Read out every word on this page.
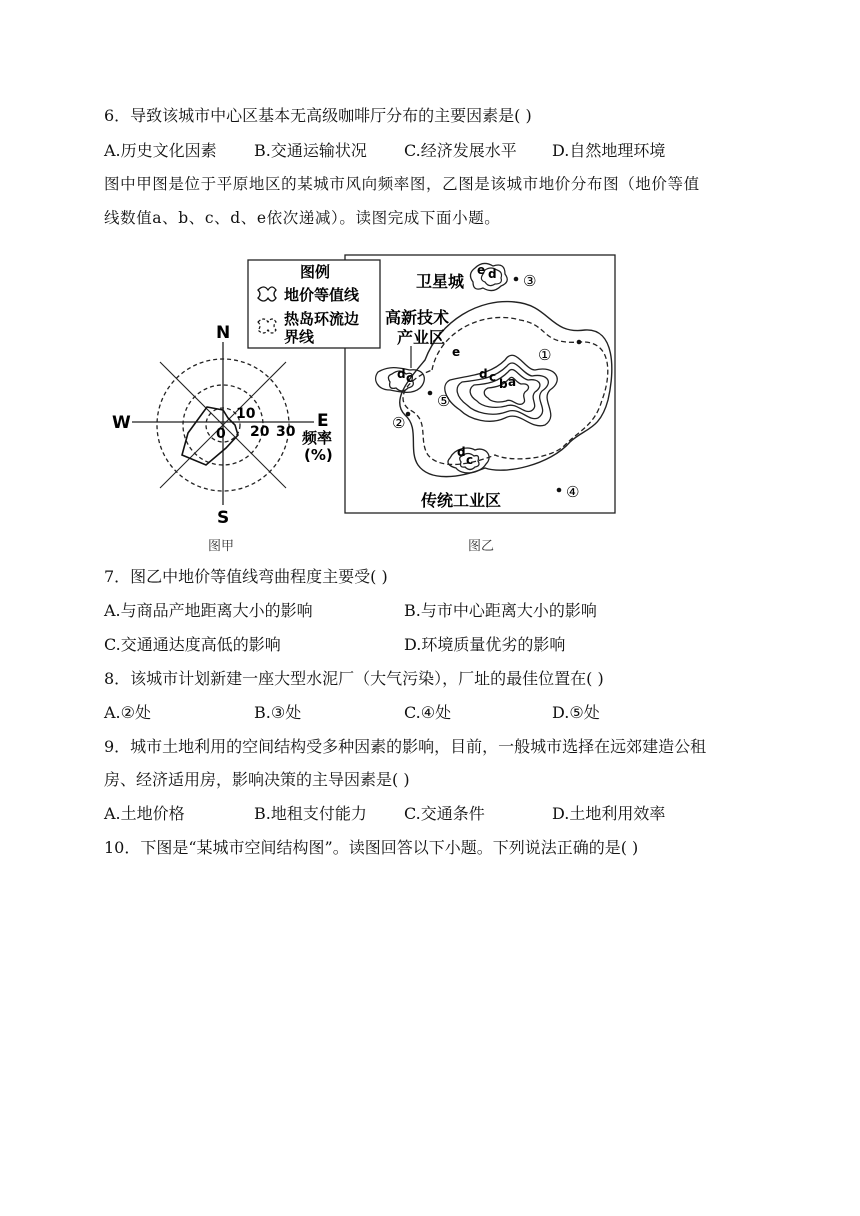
6．导致该城市中心区基本无高级咖啡厅分布的主要因素是( )
A.历史文化因素 B.交通运输状况 C.经济发展水平 D.自然地理环境
图中甲图是位于平原地区的某城市风向频率图，乙图是该城市地价分布图（地价等值
线数值a、b、c、d、e依次递减）。读图完成下面小题。
N
S
W	E
0
10
20 30 频率
(%)
图例
地价等值线
热岛环流边
界线
d c
d
c
e d
d c b a
e
卫星城
高新技术
产业区
传统工业区
①
②
③
④
⑤
图甲	图乙
7．图乙中地价等值线弯曲程度主要受( )
A.与商品产地距离大小的影响	B.与市中心距离大小的影响
C.交通通达度高低的影响	D.环境质量优劣的影响
8．该城市计划新建一座大型水泥厂（大气污染），厂址的最佳位置在( )
A.②处	B.③处	C.④处	D.⑤处
9．城市土地利用的空间结构受多种因素的影响，目前，一般城市选择在远郊建造公租
房、经济适用房，影响决策的主导因素是( )
A.土地价格	B.地租支付能力 C.交通条件	D.土地利用效率
10．下图是“某城市空间结构图”。读图回答以下小题。下列说法正确的是( )
